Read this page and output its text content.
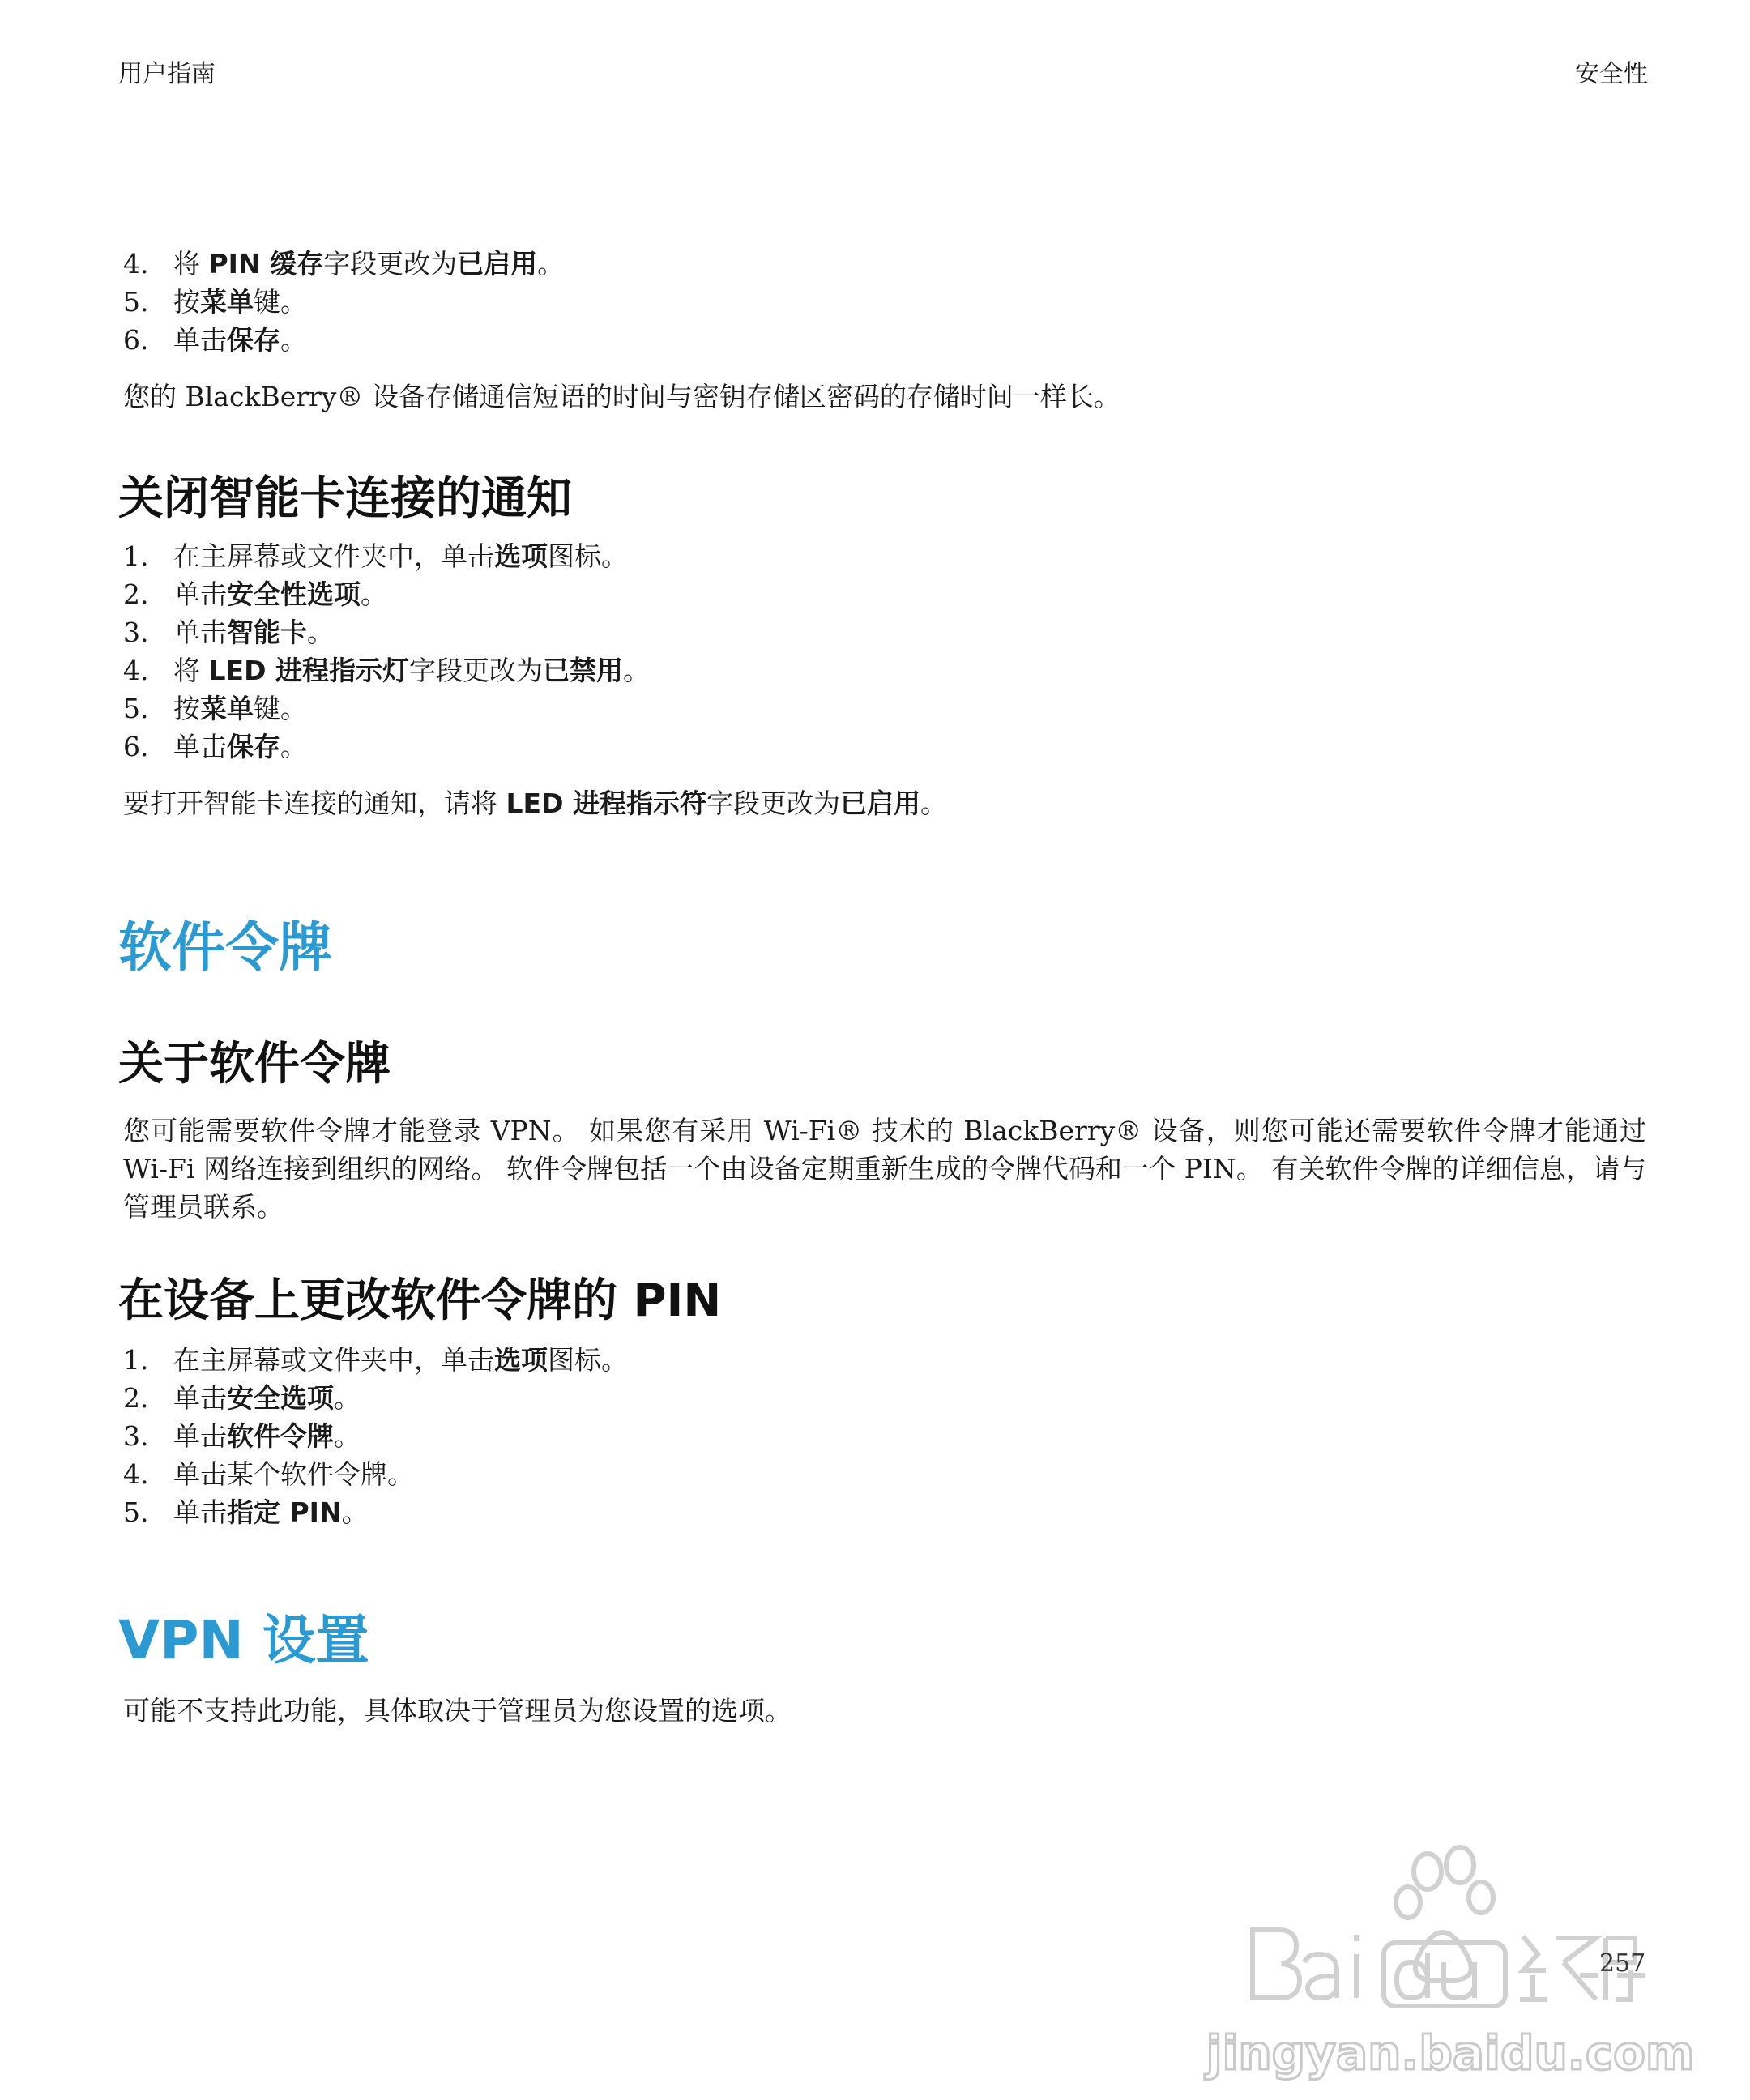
用户指南	安全性
4. 将 PIN 缓存字段更改为已启用。
5. 按菜单键。
6. 单击保存。
您的 BlackBerry® 设备存储通信短语的时间与密钥存储区密码的存储时间一样长。
关闭智能卡连接的通知
1. 在主屏幕或文件夹中，单击选项图标。
2. 单击安全性选项。
3. 单击智能卡。
4. 将 LED 进程指示灯字段更改为已禁用。
5. 按菜单键。
6. 单击保存。
要打开智能卡连接的通知，请将 LED 进程指示符字段更改为已启用。
软件令牌
关于软件令牌
您可能需要软件令牌才能登录 VPN。 如果您有采用 Wi-Fi® 技术的 BlackBerry® 设备，则您可能还需要软件令牌才能通过 Wi-Fi 网络连接到组织的网络。 软件令牌包括一个由设备定期重新生成的令牌代码和一个 PIN。 有关软件令牌的详细信息，请与管理员联系。
在设备上更改软件令牌的 PIN
1. 在主屏幕或文件夹中，单击选项图标。
2. 单击安全选项。
3. 单击软件令牌。
4. 单击某个软件令牌。
5. 单击指定 PIN。
VPN 设置
可能不支持此功能，具体取决于管理员为您设置的选项。
jingyan.baidu.com
257
